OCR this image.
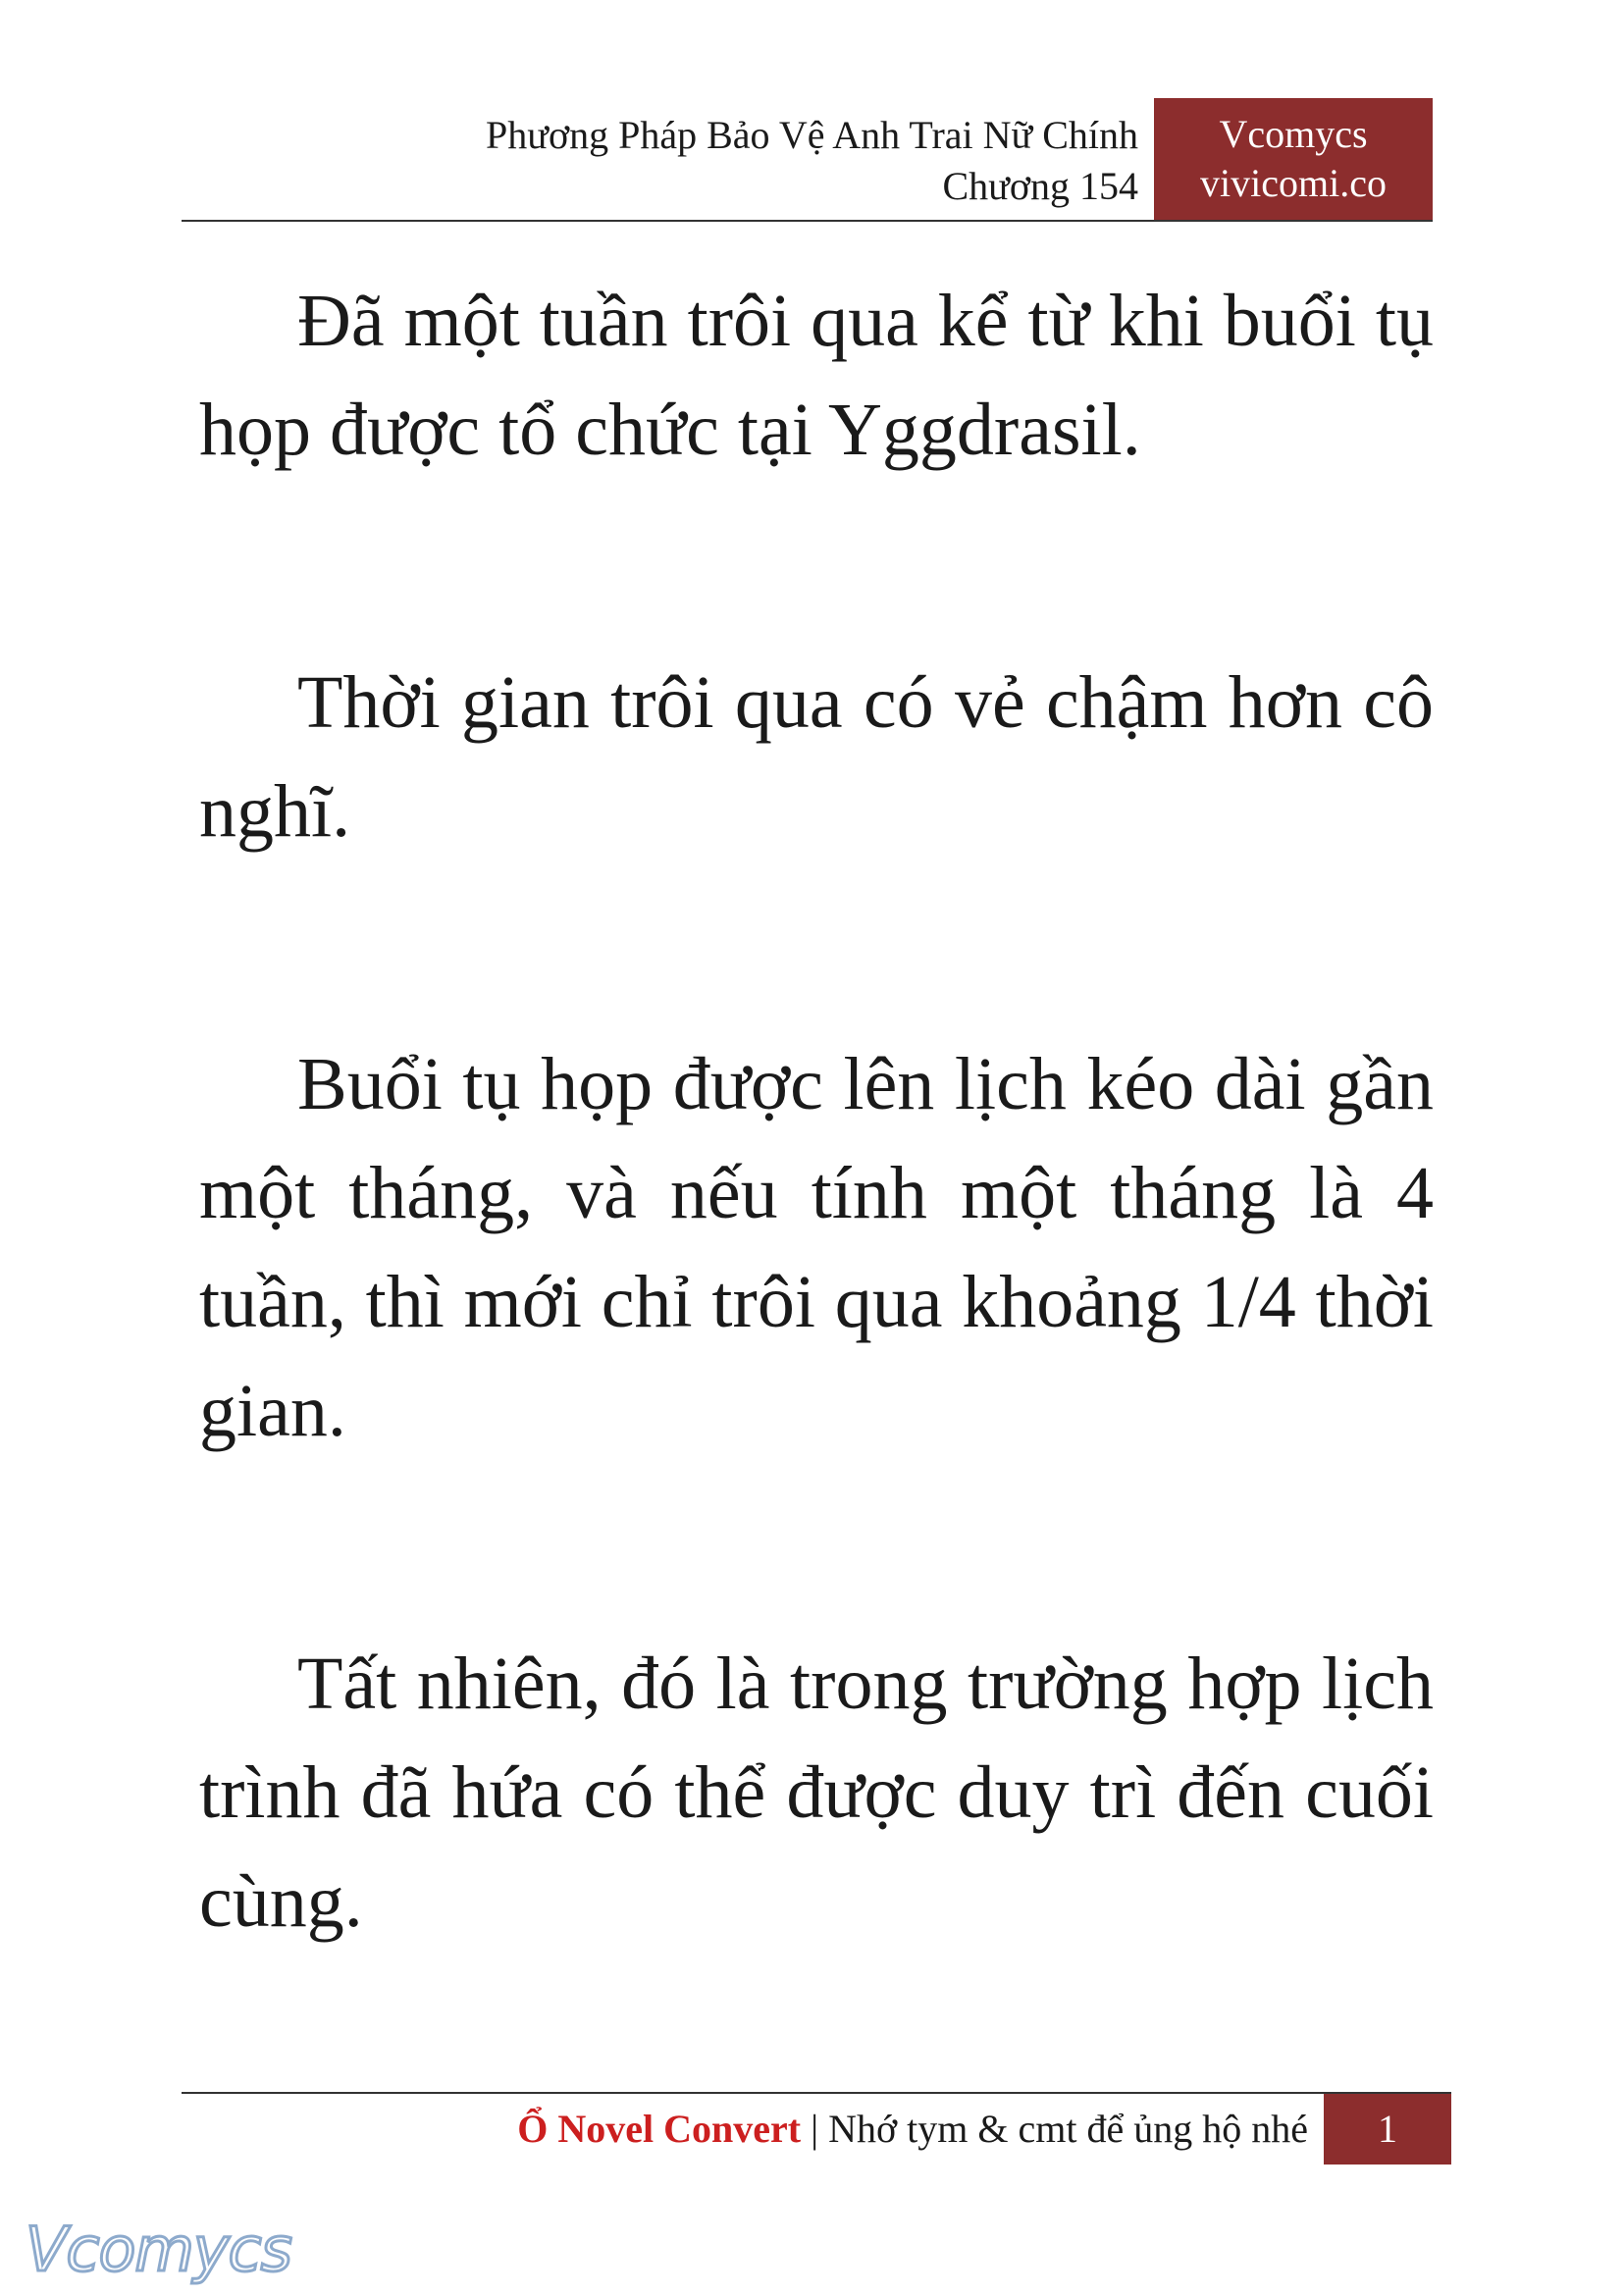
Phương Pháp Bảo Vệ Anh Trai Nữ Chính
Chương 154
Vcomycs
vivicomi.co

Đã một tuần trôi qua kể từ khi buổi tụ họp được tổ chức tại Yggdrasil.

Thời gian trôi qua có vẻ chậm hơn cô nghĩ.

Buổi tụ họp được lên lịch kéo dài gần một tháng, và nếu tính một tháng là 4 tuần, thì mới chỉ trôi qua khoảng 1/4 thời gian.

Tất nhiên, đó là trong trường hợp lịch trình đã hứa có thể được duy trì đến cuối cùng.

Ổ Novel Convert | Nhớ tym & cmt để ủng hộ nhé	1
Vcomycs
